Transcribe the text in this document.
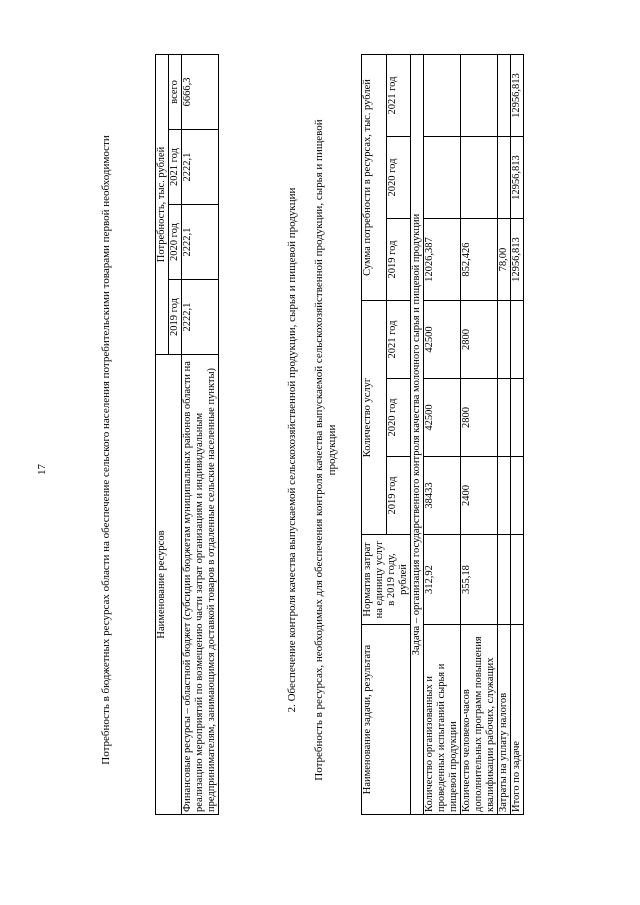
17	Потребность в бюджетных ресурсах области на обеспечение сельского населения потребительскими товарами первой необходимости	Наименование ресурсов	Потребность, тыс. рублей			
	2019 год	2020 год	2021 год	всего
Финансовые ресурсы – областной бюджет (субсидии бюджетам муниципальных районов области на реализацию мероприятий по возмещению части затрат организациям и индивидуальным предпринимателям, занимающимся доставкой товаров в отдаленные сельские населенные пункты)	2222,1	2222,1	2222,1	6666,3
2. Обеспечение контроля качества выпускаемой сельскохозяйственной продукции, сырья и пищевой продукции Потребность в ресурсах, необходимых для обеспечения контроля качества выпускаемой сельскохозяйственной продукции, сырья и пищевой продукции
Наименование задачи, результата	Норматив затрат на единицу услуг в 2019 году, рублей	Количество услуг			Сумма потребности в ресурсах, тыс. рублей		
		2019 год	2020 год	2021 год	2019 год	2020 год	2021 год
Задача – организация государственного контроля качества молочного сырья и пищевой продукции							
Количество организованных и проведенных испытаний сырья и пищевой продукции	312,92	38433	42500	42500	12026,387		
Количество человеко-часов дополнительных программ повышения квалификации рабочих, служащих	355,18	2400	2800	2800	852,426		
Затраты на уплату налогов					78,00		
Итого по задаче					12956,813	12956,813	12956,813
